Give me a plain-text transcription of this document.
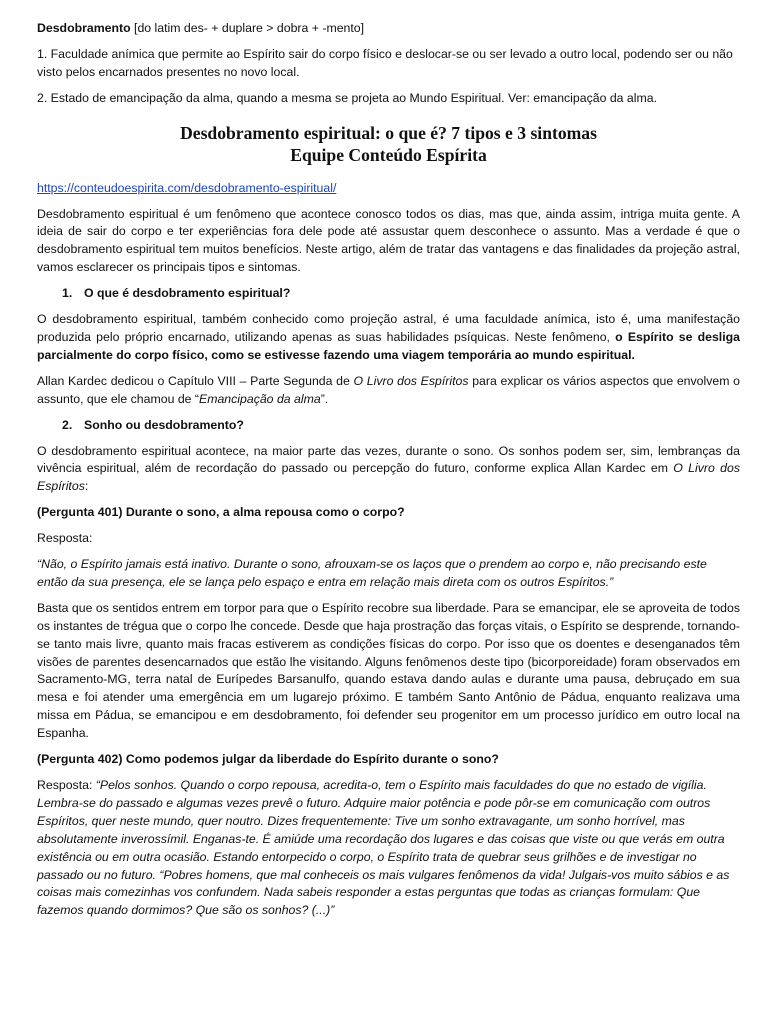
Desdobramento [do latim des- + duplare > dobra + -mento]

1. Faculdade anímica que permite ao Espírito sair do corpo físico e deslocar-se ou ser levado a outro local, podendo ser ou não visto pelos encarnados presentes no novo local.

2. Estado de emancipação da alma, quando a mesma se projeta ao Mundo Espiritual. Ver: emancipação da alma.

Desdobramento espiritual: o que é? 7 tipos e 3 sintomas
Equipe Conteúdo Espírita

https://conteudoespirita.com/desdobramento-espiritual/

Desdobramento espiritual é um fenômeno que acontece conosco todos os dias, mas que, ainda assim, intriga muita gente. A ideia de sair do corpo e ter experiências fora dele pode até assustar quem desconhece o assunto. Mas a verdade é que o desdobramento espiritual tem muitos benefícios. Neste artigo, além de tratar das vantagens e das finalidades da projeção astral, vamos esclarecer os principais tipos e sintomas.

1. O que é desdobramento espiritual?

O desdobramento espiritual, também conhecido como projeção astral, é uma faculdade anímica, isto é, uma manifestação produzida pelo próprio encarnado, utilizando apenas as suas habilidades psíquicas. Neste fenômeno, o Espírito se desliga parcialmente do corpo físico, como se estivesse fazendo uma viagem temporária ao mundo espiritual.

Allan Kardec dedicou o Capítulo VIII – Parte Segunda de O Livro dos Espíritos para explicar os vários aspectos que envolvem o assunto, que ele chamou de “Emancipação da alma”.

2. Sonho ou desdobramento?

O desdobramento espiritual acontece, na maior parte das vezes, durante o sono. Os sonhos podem ser, sim, lembranças da vivência espiritual, além de recordação do passado ou percepção do futuro, conforme explica Allan Kardec em O Livro dos Espíritos:

(Pergunta 401) Durante o sono, a alma repousa como o corpo?

Resposta:

“Não, o Espírito jamais está inativo. Durante o sono, afrouxam-se os laços que o prendem ao corpo e, não precisando este então da sua presença, ele se lança pelo espaço e entra em relação mais direta com os outros Espíritos.”

Basta que os sentidos entrem em torpor para que o Espírito recobre sua liberdade. Para se emancipar, ele se aproveita de todos os instantes de trégua que o corpo lhe concede. Desde que haja prostração das forças vitais, o Espírito se desprende, tornando-se tanto mais livre, quanto mais fracas estiverem as condições físicas do corpo. Por isso que os doentes e desenganados têm visões de parentes desencarnados que estão lhe visitando. Alguns fenômenos deste tipo (bicorporeidade) foram observados em Sacramento-MG, terra natal de Eurípedes Barsanulfo, quando estava dando aulas e durante uma pausa, debruçado em sua mesa e foi atender uma emergência em um lugarejo próximo. E também Santo Antônio de Pádua, enquanto realizava uma missa em Pádua, se emancipou e em desdobramento, foi defender seu progenitor em um processo jurídico em outro local na Espanha.

(Pergunta 402) Como podemos julgar da liberdade do Espírito durante o sono?

Resposta: “Pelos sonhos. Quando o corpo repousa, acredita-o, tem o Espírito mais faculdades do que no estado de vigília. Lembra-se do passado e algumas vezes prevê o futuro. Adquire maior potência e pode pôr-se em comunicação com outros Espíritos, quer neste mundo, quer noutro. Dizes frequentemente: Tive um sonho extravagante, um sonho horrível, mas absolutamente inverossímil. Enganas-te. É amiúde uma recordação dos lugares e das coisas que viste ou que verás em outra existência ou em outra ocasião. Estando entorpecido o corpo, o Espírito trata de quebrar seus grilhões e de investigar no passado ou no futuro. “Pobres homens, que mal conheceis os mais vulgares fenômenos da vida! Julgais-vos muito sábios e as coisas mais comezinhas vos confundem. Nada sabeis responder a estas perguntas que todas as crianças formulam: Que fazemos quando dormimos? Que são os sonhos? (...)”
